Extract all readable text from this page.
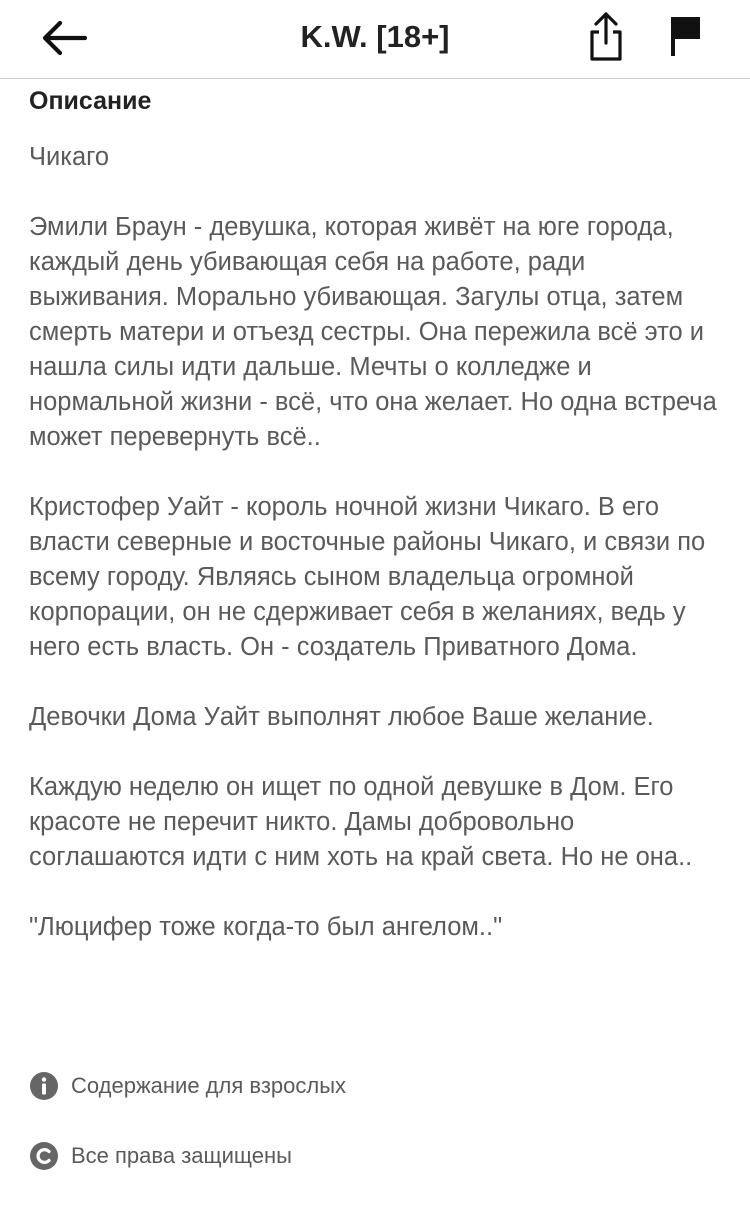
K.W. [18+]
Описание

Чикаго

Эмили Браун - девушка, которая живёт на юге города, каждый день убивающая себя на работе, ради выживания. Морально убивающая. Загулы отца, затем смерть матери и отъезд сестры. Она пережила всё это и нашла силы идти дальше. Мечты о колледже и нормальной жизни - всё, что она желает. Но одна встреча может перевернуть всё..

Кристофер Уайт - король ночной жизни Чикаго. В его власти северные и восточные районы Чикаго, и связи по всему городу. Являясь сыном владельца огромной корпорации, он не сдерживает себя в желаниях, ведь у него есть власть. Он - создатель Приватного Дома.

Девочки Дома Уайт выполнят любое Ваше желание.

Каждую неделю он ищет по одной девушке в Дом. Его красоте не перечит никто. Дамы добровольно соглашаются идти с ним хоть на край света. Но не она..

"Люцифер тоже когда-то был ангелом.."

Содержание для взрослых
Все права защищены
